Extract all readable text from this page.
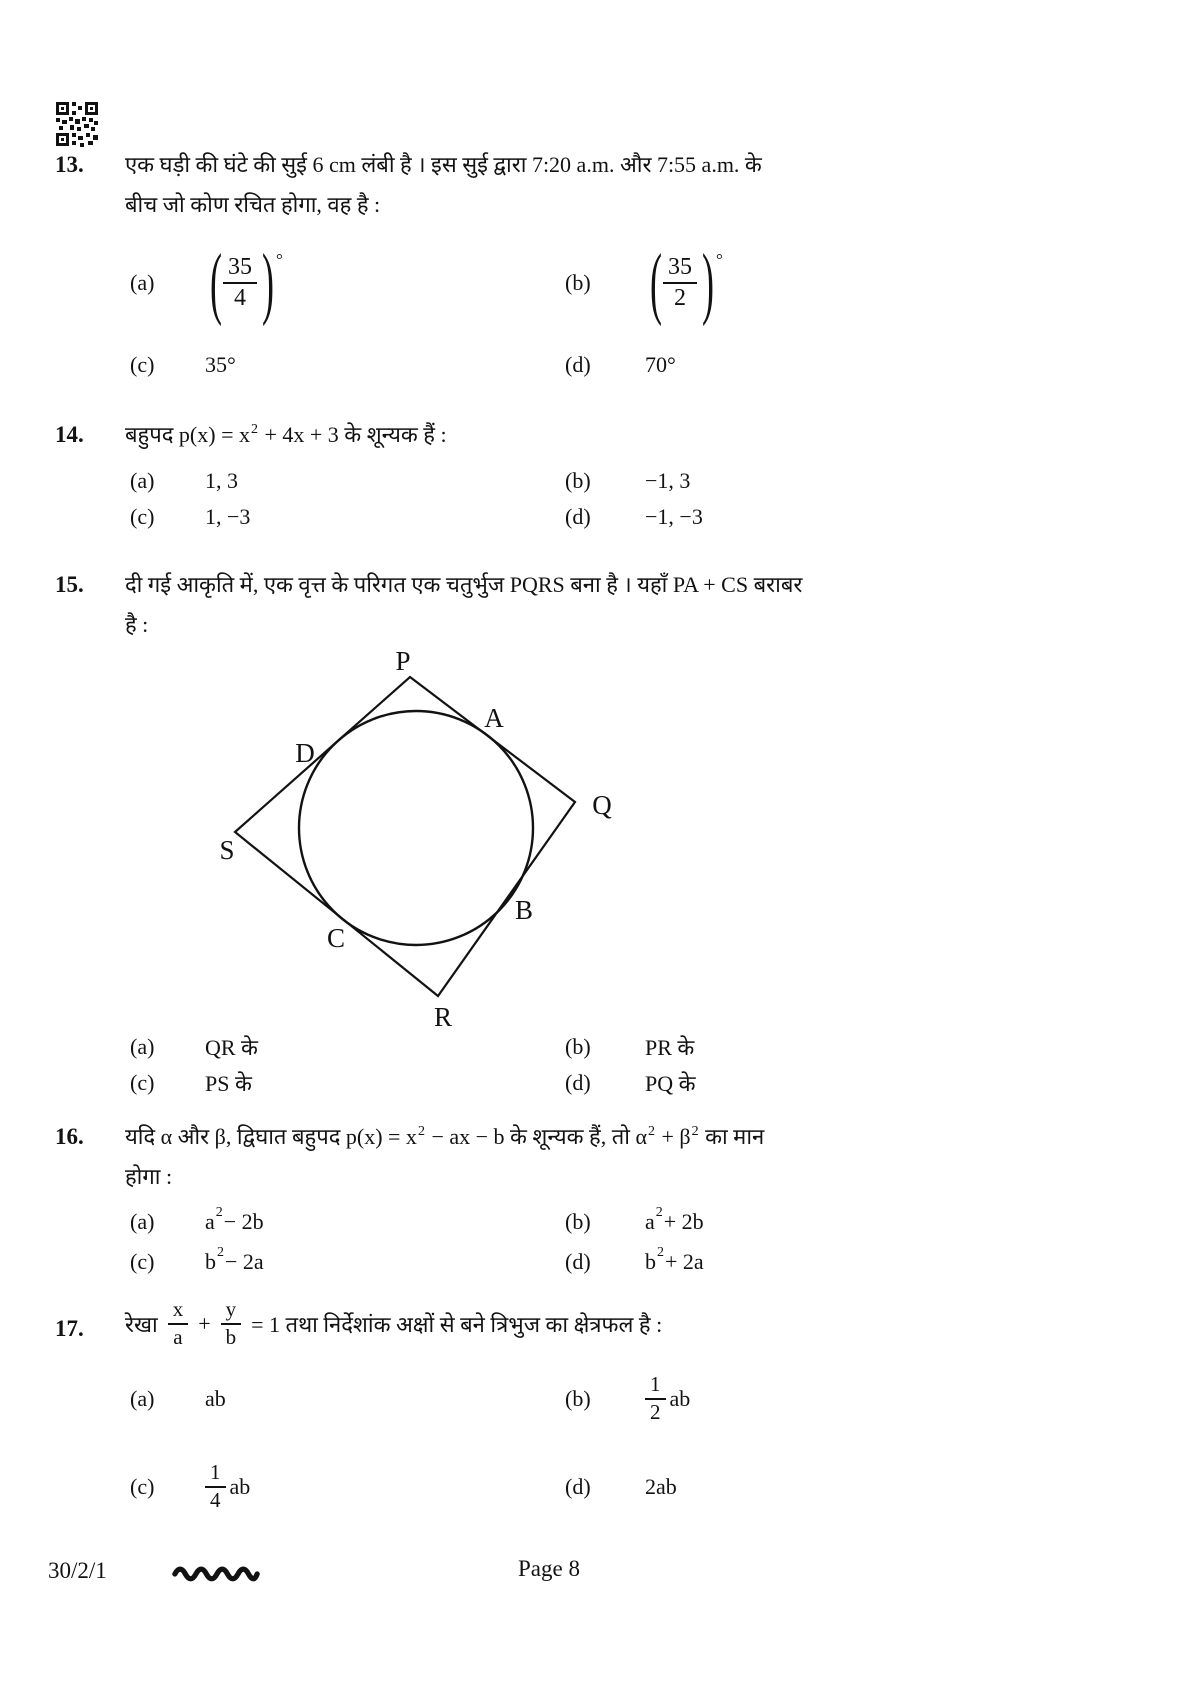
13. एक घड़ी की घंटे की सुई 6 cm लंबी है । इस सुई द्वारा 7:20 a.m. और 7:55 a.m. के
बीच जो कोण रचित होगा, वह है :
(a) ( $\frac{35}{4}$ ) °
(b) ( $\frac{35}{2}$ ) °
(c) 35°	(d) 70°
14. बहुपद $p(x) = x^2 + 4x + 3$ के शून्यक हैं :
(a) 1, 3	(b) −1, 3
(c) 1, −3	(d) −1, −3
15. दी गई आकृति में, एक वृत्त के परिगत एक चतुर्भुज PQRS बना है । यहाँ PA + CS बराबर
है :
P
A
D
Q
S
B
C
R
(a) QR के	(b) PR के
(c) PS के	(d) PQ के
16. यदि α और β, द्विघात बहुपद $p(x) = x^2$ − ax − b के शून्यक हैं, तो $\alpha^2 + \beta^2$ का मान
होगा :
(a) a 2 − 2b	(b) a 2 + 2b
(c) b 2 − 2a	(d) b 2 + 2a
17. रेखा $\frac{x}{a} + \frac{y}{b} = 1$ तथा निर्देशांक अक्षों से बने त्रिभुज का क्षेत्रफल है :
(a) ab	(b)	$\frac{1}{2}$ ab
$(c) \frac{1}{4}$ ab	(d) 2ab
30/2/1	Page 8
